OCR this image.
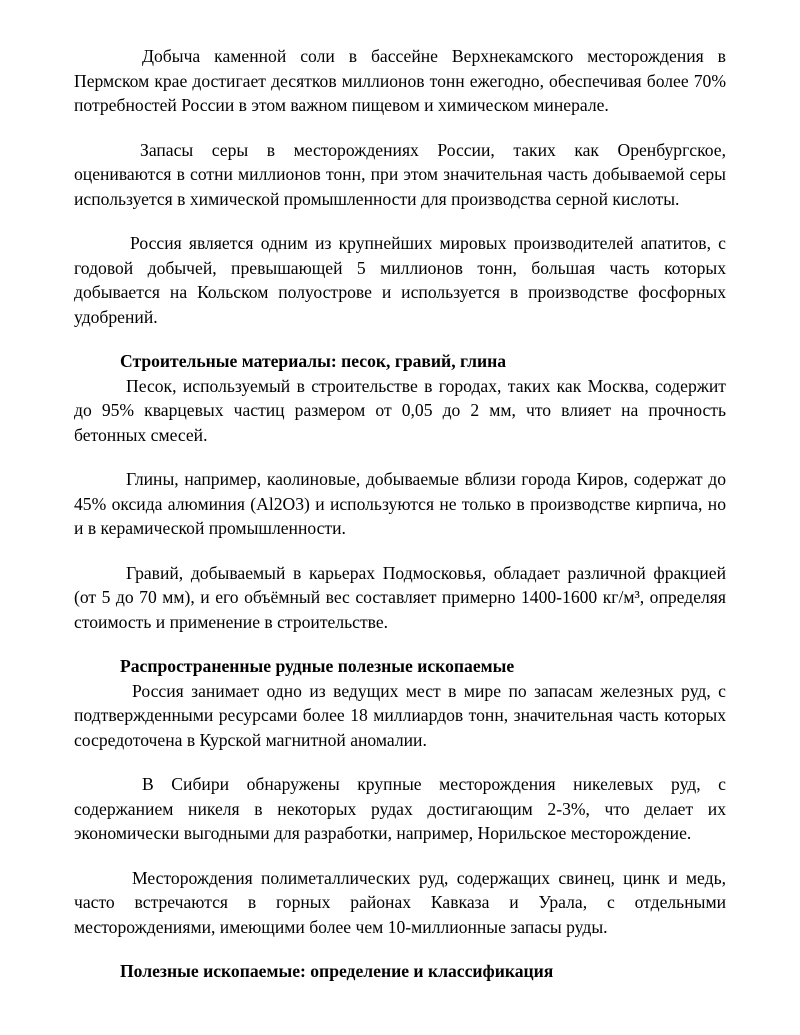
Добыча каменной соли в бассейне Верхнекамского месторождения в Пермском крае достигает десятков миллионов тонн ежегодно, обеспечивая более 70% потребностей России в этом важном пищевом и химическом минерале.

Запасы серы в месторождениях России, таких как Оренбургское, оцениваются в сотни миллионов тонн, при этом значительная часть добываемой серы используется в химической промышленности для производства серной кислоты.

Россия является одним из крупнейших мировых производителей апатитов, с годовой добычей, превышающей 5 миллионов тонн, большая часть которых добывается на Кольском полуострове и используется в производстве фосфорных удобрений.

Строительные материалы: песок, гравий, глина

Песок, используемый в строительстве в городах, таких как Москва, содержит до 95% кварцевых частиц размером от 0,05 до 2 мм, что влияет на прочность бетонных смесей.

Глины, например, каолиновые, добываемые вблизи города Киров, содержат до 45% оксида алюминия (Al2O3) и используются не только в производстве кирпича, но и в керамической промышленности.

Гравий, добываемый в карьерах Подмосковья, обладает различной фракцией (от 5 до 70 мм), и его объёмный вес составляет примерно 1400-1600 кг/м³, определяя стоимость и применение в строительстве.

Распространенные рудные полезные ископаемые

Россия занимает одно из ведущих мест в мире по запасам железных руд, с подтвержденными ресурсами более 18 миллиардов тонн, значительная часть которых сосредоточена в Курской магнитной аномалии.

В Сибири обнаружены крупные месторождения никелевых руд, с содержанием никеля в некоторых рудах достигающим 2-3%, что делает их экономически выгодными для разработки, например, Норильское месторождение.

Месторождения полиметаллических руд, содержащих свинец, цинк и медь, часто встречаются в горных районах Кавказа и Урала, с отдельными месторождениями, имеющими более чем 10-миллионные запасы руды.

Полезные ископаемые: определение и классификация
